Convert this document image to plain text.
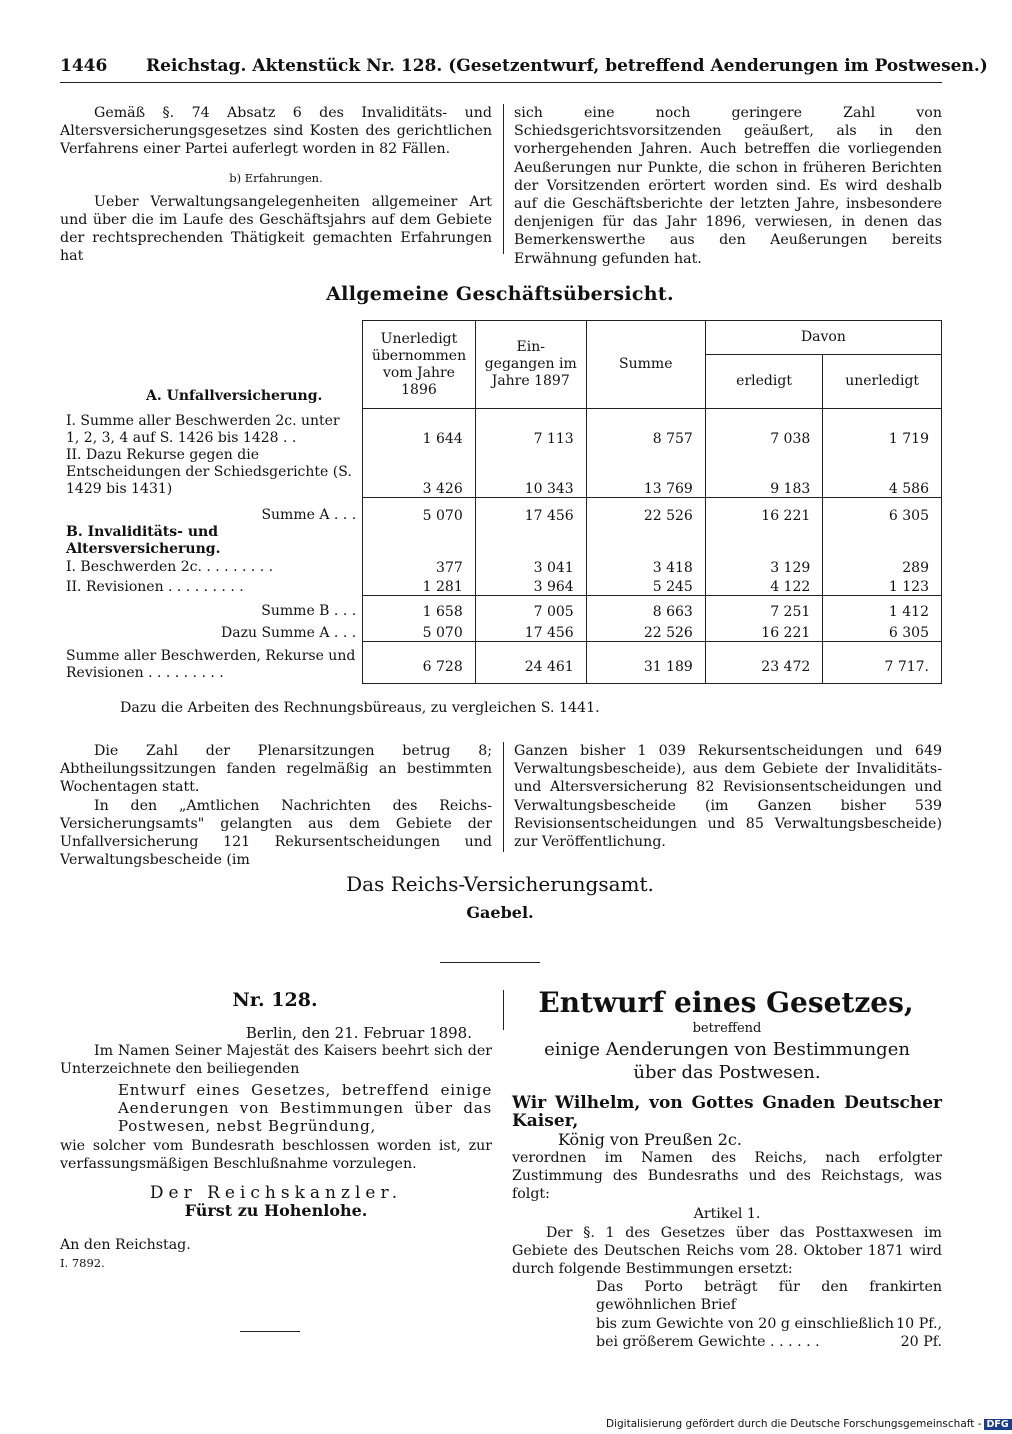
1446 Reichstag. Aktenstück Nr. 128. (Gesetzentwurf, betreffend Aenderungen im Postwesen.)

Gemäß §. 74 Absatz 6 des Invaliditäts- und Altersversicherungsgesetzes sind Kosten des gerichtlichen Verfahrens einer Partei auferlegt worden in 82 Fällen.

b) Erfahrungen.

Ueber Verwaltungsangelegenheiten allgemeiner Art und über die im Laufe des Geschäftsjahrs auf dem Gebiete der rechtsprechenden Thätigkeit gemachten Erfahrungen hat

sich eine noch geringere Zahl von Schiedsgerichtsvorsitzenden geäußert, als in den vorhergehenden Jahren. Auch betreffen die vorliegenden Aeußerungen nur Punkte, die schon in früheren Berichten der Vorsitzenden erörtert worden sind. Es wird deshalb auf die Geschäftsberichte der letzten Jahre, insbesondere denjenigen für das Jahr 1896, verwiesen, in denen das Bemerkenswerthe aus den Aeußerungen bereits Erwähnung gefunden hat.

Allgemeine Geschäftsübersicht.
A. Unfallversicherung.	Unerledigt übernommen vom Jahre 1896	Ein- gegangen im Jahre 1897	Summe	Davon	
				erledigt	unerledigt
I. Summe aller Beschwerden 2c. unter 1, 2, 3, 4 auf S. 1426 bis 1428 . .	1 644	7 113	8 757	7 038	1 719
II. Dazu Rekurse gegen die Entscheidungen der Schiedsgerichte (S. 1429 bis 1431)	3 426	10 343	13 769	9 183	4 586
Summe A . . .	5 070	17 456	22 526	16 221	6 305
B. Invaliditäts- und Altersversicherung.					
I. Beschwerden 2c. . . . . . . . .	377	3 041	3 418	3 129	289
II. Revisionen . . . . . . . . .	1 281	3 964	5 245	4 122	1 123
Summe B . . .	1 658	7 005	8 663	7 251	1 412
Dazu Summe A . . .	5 070	17 456	22 526	16 221	6 305
Summe aller Beschwerden, Rekurse und Revisionen . . . . . . . . .	6 728	24 461	31 189	23 472	7 717.
Dazu die Arbeiten des Rechnungsbüreaus, zu vergleichen S. 1441.

Die Zahl der Plenarsitzungen betrug 8; Abtheilungssitzungen fanden regelmäßig an bestimmten Wochentagen statt.

In den „Amtlichen Nachrichten des Reichs-Versicherungsamts" gelangten aus dem Gebiete der Unfallversicherung 121 Rekursentscheidungen und Verwaltungsbescheide (im

Ganzen bisher 1 039 Rekursentscheidungen und 649 Verwaltungsbescheide), aus dem Gebiete der Invaliditäts- und Altersversicherung 82 Revisionsentscheidungen und Verwaltungsbescheide (im Ganzen bisher 539 Revisionsentscheidungen und 85 Verwaltungsbescheide) zur Veröffentlichung.

Das Reichs-Versicherungsamt.
Gaebel.
Nr. 128.

Berlin, den 21. Februar 1898.

Im Namen Seiner Majestät des Kaisers beehrt sich der Unterzeichnete den beiliegenden

Entwurf eines Gesetzes, betreffend einige Aenderungen von Bestimmungen über das Postwesen, nebst Begründung,

wie solcher vom Bundesrath beschlossen worden ist, zur verfassungsmäßigen Beschlußnahme vorzulegen.

Der Reichskanzler.

Fürst zu Hohenlohe.

An den Reichstag.

I. 7892.

Entwurf eines Gesetzes,

betreffend

einige Aenderungen von Bestimmungen über das Postwesen.

Wir Wilhelm, von Gottes Gnaden Deutscher Kaiser,

König von Preußen 2c.

verordnen im Namen des Reichs, nach erfolgter Zustimmung des Bundesraths und des Reichstags, was folgt:

Artikel 1.

Der §. 1 des Gesetzes über das Posttaxwesen im Gebiete des Deutschen Reichs vom 28. Oktober 1871 wird durch folgende Bestimmungen ersetzt:

Das Porto beträgt für den frankirten gewöhnlichen Brief

bis zum Gewichte von 20 g einschließlich	10 Pf.,
bei größerem Gewichte . . . . . .	20 Pf.
Digitalisierung gefördert durch die Deutsche Forschungsgemeinschaft - DFG
